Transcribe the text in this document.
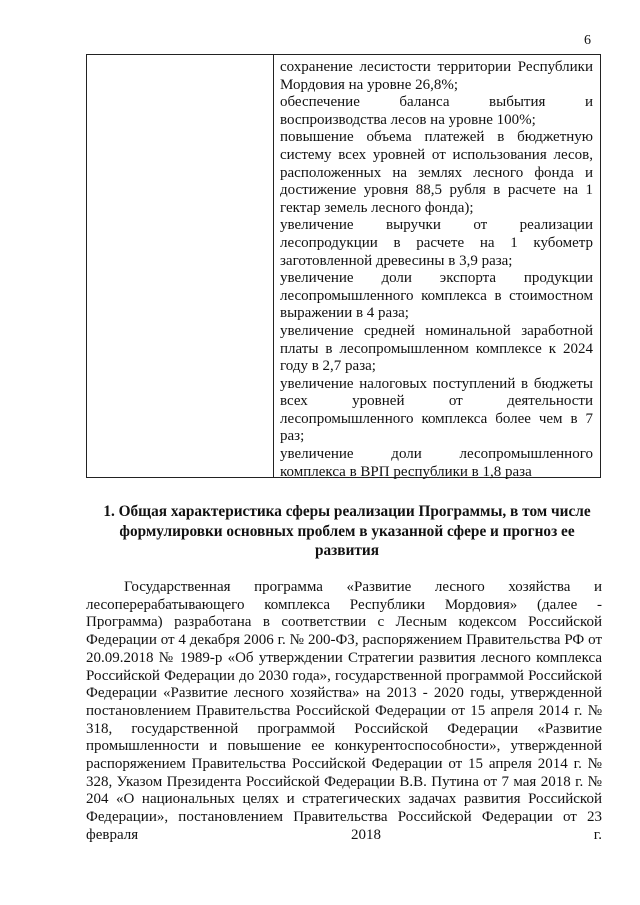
6
сохранение лесистости территории Республики Мордовия на уровне 26,8%;
обеспечение баланса выбытия и воспроизводства лесов на уровне 100%;
повышение объема платежей в бюджетную систему всех уровней от использования лесов, расположенных на землях лесного фонда и достижение уровня 88,5 рубля в расчете на 1 гектар земель лесного фонда);
увеличение выручки от реализации лесопродукции в расчете на 1 кубометр заготовленной древесины в 3,9 раза;
увеличение доли экспорта продукции лесопромышленного комплекса в стоимостном выражении в 4 раза;
увеличение средней номинальной заработной платы в лесопромышленном комплексе к 2024 году в 2,7 раза;
увеличение налоговых поступлений в бюджеты всех уровней от деятельности лесопромышленного комплекса более чем в 7 раз;
увеличение доли лесопромышленного комплекса в ВРП республики в 1,8 раза
1. Общая характеристика сферы реализации Программы, в том числе формулировки основных проблем в указанной сфере и прогноз ее развития

Государственная программа «Развитие лесного хозяйства и лесоперерабатывающего комплекса Республики Мордовия» (далее - Программа) разработана в соответствии с Лесным кодексом Российской Федерации от 4 декабря 2006 г. № 200-ФЗ, распоряжением Правительства РФ от 20.09.2018 № 1989-р «Об утверждении Стратегии развития лесного комплекса Российской Федерации до 2030 года», государственной программой Российской Федерации «Развитие лесного хозяйства» на 2013 - 2020 годы, утвержденной постановлением Правительства Российской Федерации от 15 апреля 2014 г. № 318, государственной программой Российской Федерации «Развитие промышленности и повышение ее конкурентоспособности», утвержденной распоряжением Правительства Российской Федерации от 15 апреля 2014 г. № 328, Указом Президента Российской Федерации В.В. Путина от 7 мая 2018 г. № 204 «О национальных целях и стратегических задачах развития Российской Федерации», постановлением Правительства Российской Федерации от 23 февраля 2018 г.
